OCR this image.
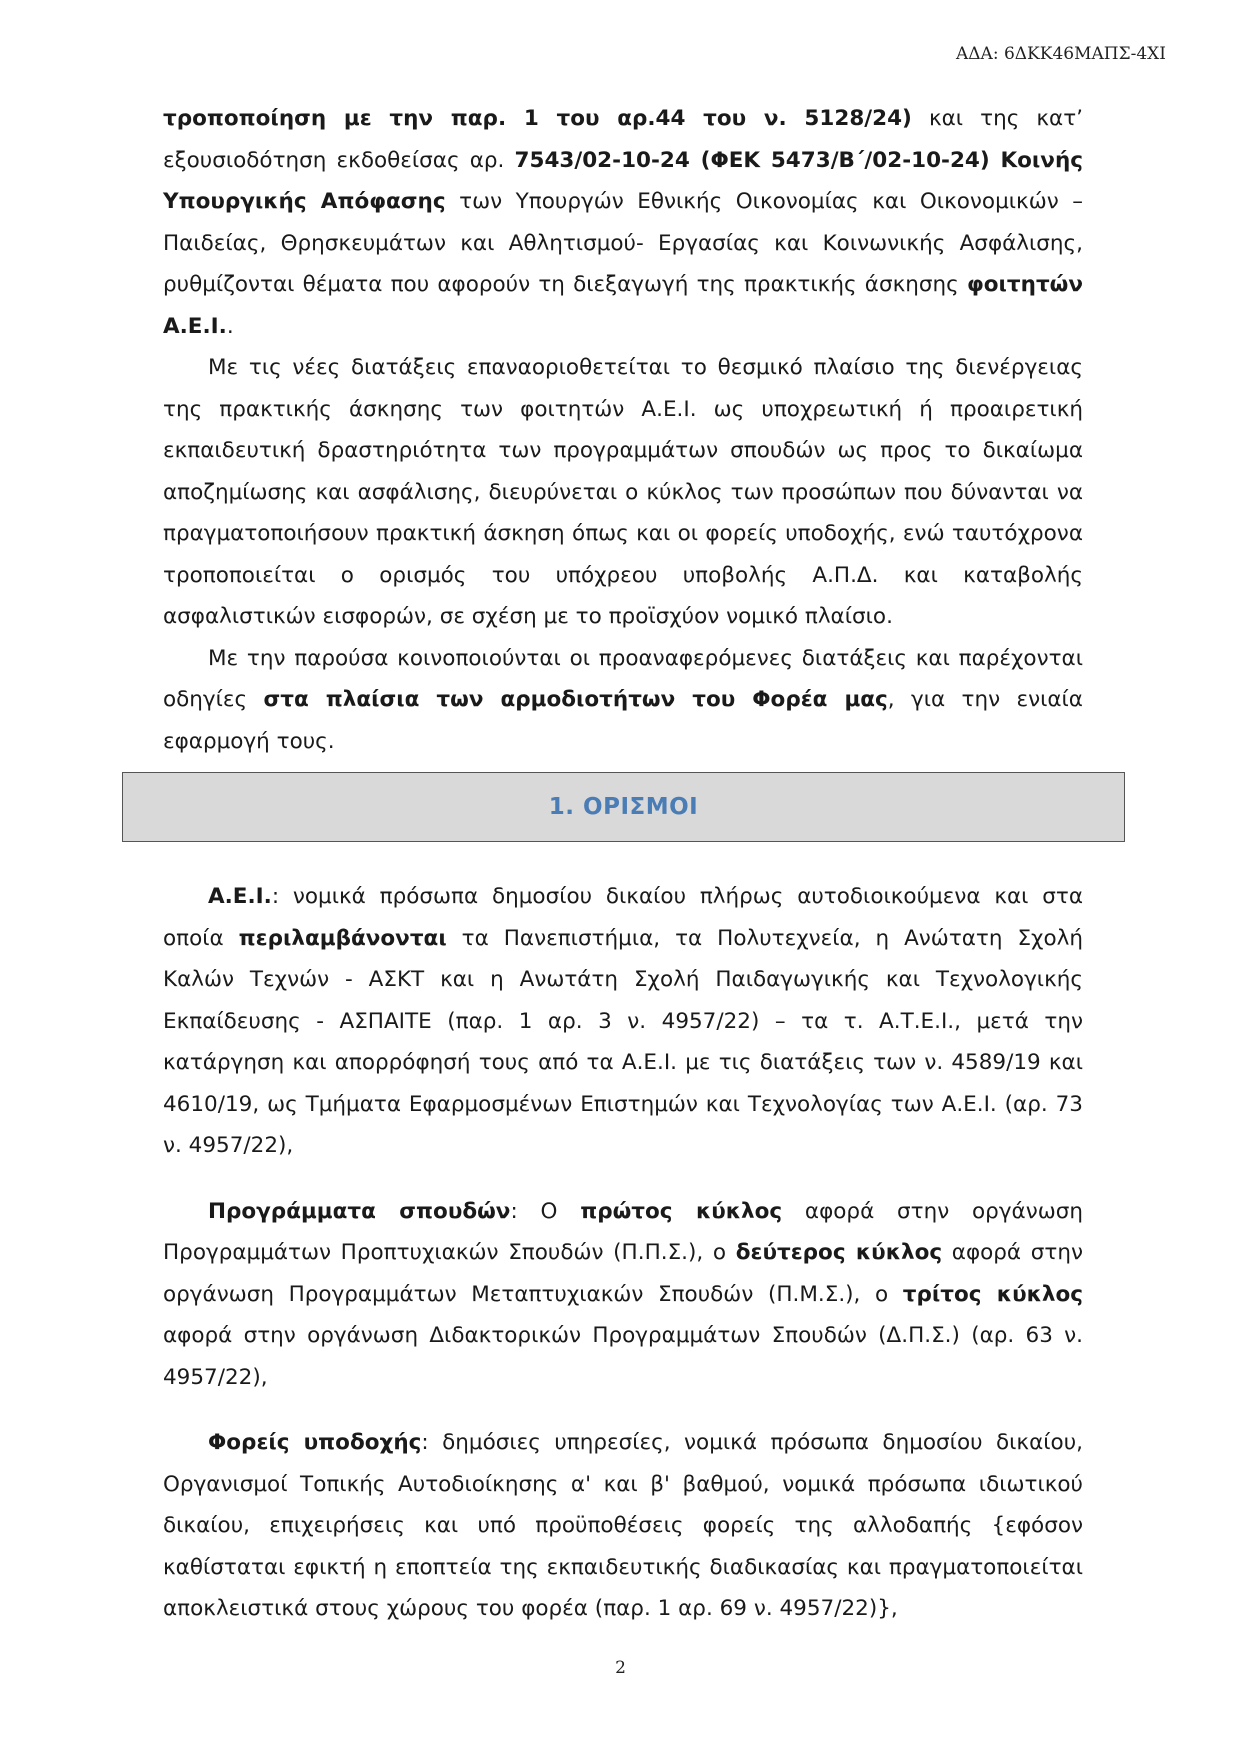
ΑΔΑ: 6ΔΚΚ46ΜΑΠΣ-4ΧΙ

τροποποίηση με την παρ. 1 του αρ.44 του ν. 5128/24) και της κατ’ εξουσιοδότηση εκδοθείσας αρ. 7543/02-10-24 (ΦΕΚ 5473/Β΄/02-10-24) Κοινής Υπουργικής Απόφασης των Υπουργών Εθνικής Οικονομίας και Οικονομικών – Παιδείας, Θρησκευμάτων και Αθλητισμού- Εργασίας και Κοινωνικής Ασφάλισης, ρυθμίζονται θέματα που αφορούν τη διεξαγωγή της πρακτικής άσκησης φοιτητών Α.Ε.Ι..

Με τις νέες διατάξεις επαναοριοθετείται το θεσμικό πλαίσιο της διενέργειας της πρακτικής άσκησης των φοιτητών Α.Ε.Ι. ως υποχρεωτική ή προαιρετική εκπαιδευτική δραστηριότητα των προγραμμάτων σπουδών ως προς το δικαίωμα αποζημίωσης και ασφάλισης, διευρύνεται ο κύκλος των προσώπων που δύνανται να πραγματοποιήσουν πρακτική άσκηση όπως και οι φορείς υποδοχής, ενώ ταυτόχρονα τροποποιείται ο ορισμός του υπόχρεου υποβολής Α.Π.Δ. και καταβολής ασφαλιστικών εισφορών, σε σχέση με το προϊσχύον νομικό πλαίσιο.

Με την παρούσα κοινοποιούνται οι προαναφερόμενες διατάξεις και παρέχονται οδηγίες στα πλαίσια των αρμοδιοτήτων του Φορέα μας, για την ενιαία εφαρμογή τους.

1. ΟΡΙΣΜΟΙ

Α.Ε.Ι.: νομικά πρόσωπα δημοσίου δικαίου πλήρως αυτοδιοικούμενα και στα οποία περιλαμβάνονται τα Πανεπιστήμια, τα Πολυτεχνεία, η Ανώτατη Σχολή Καλών Τεχνών - ΑΣΚΤ και η Ανωτάτη Σχολή Παιδαγωγικής και Τεχνολογικής Εκπαίδευσης - ΑΣΠΑΙΤΕ (παρ. 1 αρ. 3 ν. 4957/22) – τα τ. Α.Τ.Ε.Ι., μετά την κατάργηση και απορρόφησή τους από τα Α.Ε.Ι. με τις διατάξεις των ν. 4589/19 και 4610/19, ως Τμήματα Εφαρμοσμένων Επιστημών και Τεχνολογίας των Α.Ε.Ι. (αρ. 73 ν. 4957/22),

Προγράμματα σπουδών: Ο πρώτος κύκλος αφορά στην οργάνωση Προγραμμάτων Προπτυχιακών Σπουδών (Π.Π.Σ.), ο δεύτερος κύκλος αφορά στην οργάνωση Προγραμμάτων Μεταπτυχιακών Σπουδών (Π.Μ.Σ.), ο τρίτος κύκλος αφορά στην οργάνωση Διδακτορικών Προγραμμάτων Σπουδών (Δ.Π.Σ.) (αρ. 63 ν. 4957/22),

Φορείς υποδοχής: δημόσιες υπηρεσίες, νομικά πρόσωπα δημοσίου δικαίου, Οργανισμοί Τοπικής Αυτοδιοίκησης α' και β' βαθμού, νομικά πρόσωπα ιδιωτικού δικαίου, επιχειρήσεις και υπό προϋποθέσεις φορείς της αλλοδαπής {εφόσον καθίσταται εφικτή η εποπτεία της εκπαιδευτικής διαδικασίας και πραγματοποιείται αποκλειστικά στους χώρους του φορέα (παρ. 1 αρ. 69 ν. 4957/22)},

2
